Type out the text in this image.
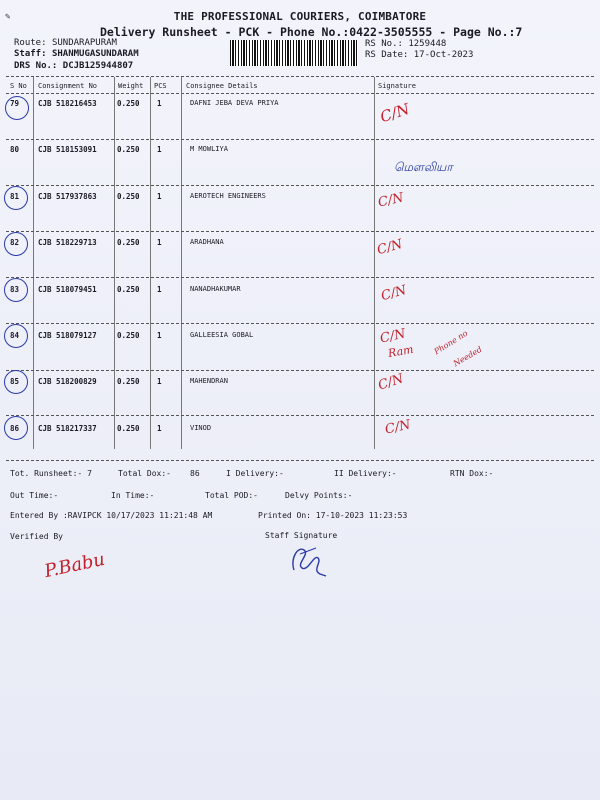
✎	THE PROFESSIONAL COURIERS, COIMBATORE
Delivery Runsheet - PCK - Phone No.:0422-3505555 - Page No.:7
Route: SUNDARAPURAM
Staff: SHANMUGASUNDARAM
DRS No.: DCJB125944807
RS No.: 1259448
RS Date: 17-Oct-2023
S No Consignment No	Weight PCS	Consignee Details	Signature
79	CJB 518216453	0.250 1	DAFNI JEBA DEVA PRIYA	C/N
80	CJB 518153091	0.250 1	M MOWLIYA
மௌலியா
81	CJB 517937863	0.250 1	AEROTECH ENGINEERS	C/N
82	CJB 518229713	0.250 1	ARADHANA	C/N
83	CJB 518079451	0.250 1	NANADHAKUMAR	C/N
84	CJB 518079127	0.250 1	GALLEESIA GOBAL	C/N
Ram Phone no
Needed
85	CJB 518200829	0.250 1	MAHENDRAN	C/N
86	CJB 518217337	0.250 1	VINOD	C/N
Tot. Runsheet:- 7	Total Dox:- 86	I Delivery:-	II Delivery:-	RTN Dox:-
Out Time:-	In Time:-	Total POD:-	Delvy Points:-
Entered By :RAVIPCK 10/17/2023 11:21:48 AM	Printed On: 17-10-2023 11:23:53
Verified By	Staff Signature
P.Babu
